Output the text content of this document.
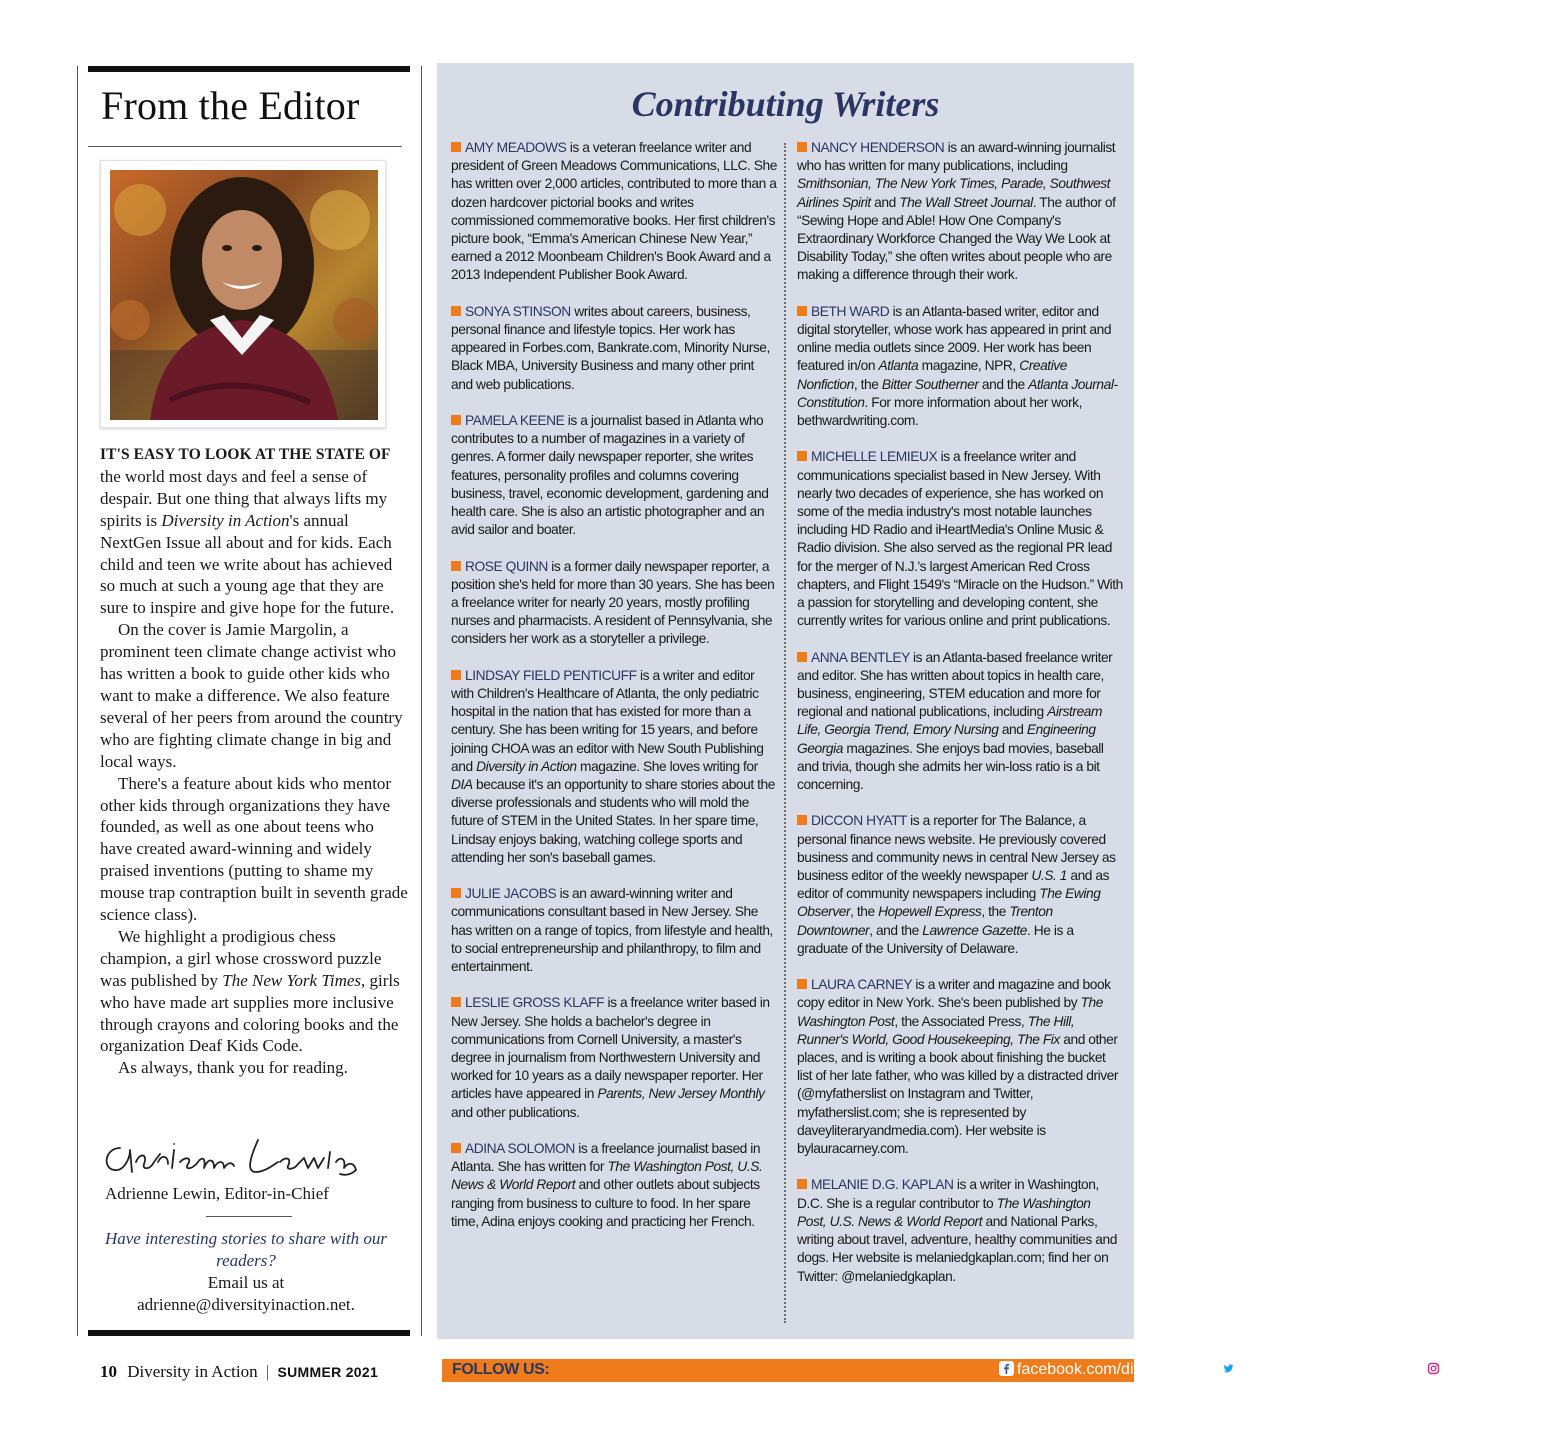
From the Editor

IT'S EASY TO LOOK AT THE STATE OF the world most days and feel a sense of despair. But one thing that always lifts my spirits is Diversity in Action's annual NextGen Issue all about and for kids. Each child and teen we write about has achieved so much at such a young age that they are sure to inspire and give hope for the future.

On the cover is Jamie Margolin, a prominent teen climate change activist who has written a book to guide other kids who want to make a difference. We also feature several of her peers from around the country who are fighting climate change in big and local ways.

There's a feature about kids who mentor other kids through organizations they have founded, as well as one about teens who have created award-winning and widely praised inventions (putting to shame my mouse trap contraption built in seventh grade science class).

We highlight a prodigious chess champion, a girl whose crossword puzzle was published by The New York Times, girls who have made art supplies more inclusive through crayons and coloring books and the organization Deaf Kids Code.

As always, thank you for reading.

Adrienne Lewin, Editor-in-Chief
Have interesting stories to share with our readers?
Email us at
adrienne@diversityinaction.net.
10 Diversity in Action | SUMMER 2021
Contributing Writers

AMY MEADOWS is a veteran freelance writer and president of Green Meadows Communications, LLC. She has written over 2,000 articles, contributed to more than a dozen hardcover pictorial books and writes commissioned commemorative books. Her first children's picture book, “Emma's American Chinese New Year,” earned a 2012 Moonbeam Children's Book Award and a 2013 Independent Publisher Book Award.

SONYA STINSON writes about careers, business, personal finance and lifestyle topics. Her work has appeared in Forbes.com, Bankrate.com, Minority Nurse, Black MBA, University Business and many other print and web publications.

PAMELA KEENE is a journalist based in Atlanta who contributes to a number of magazines in a variety of genres. A former daily newspaper reporter, she writes features, personality profiles and columns covering business, travel, economic development, gardening and health care. She is also an artistic photographer and an avid sailor and boater.

ROSE QUINN is a former daily newspaper reporter, a position she's held for more than 30 years. She has been a freelance writer for nearly 20 years, mostly profiling nurses and pharmacists. A resident of Pennsylvania, she considers her work as a storyteller a privilege.

LINDSAY FIELD PENTICUFF is a writer and editor with Children's Healthcare of Atlanta, the only pediatric hospital in the nation that has existed for more than a century. She has been writing for 15 years, and before joining CHOA was an editor with New South Publishing and Diversity in Action magazine. She loves writing for DIA because it's an opportunity to share stories about the diverse professionals and students who will mold the future of STEM in the United States. In her spare time, Lindsay enjoys baking, watching college sports and attending her son's baseball games.

JULIE JACOBS is an award-winning writer and communications consultant based in New Jersey. She has written on a range of topics, from lifestyle and health, to social entrepreneurship and philanthropy, to film and entertainment.

LESLIE GROSS KLAFF is a freelance writer based in New Jersey. She holds a bachelor's degree in communications from Cornell University, a master's degree in journalism from Northwestern University and worked for 10 years as a daily newspaper reporter. Her articles have appeared in Parents, New Jersey Monthly and other publications.

ADINA SOLOMON is a freelance journalist based in Atlanta. She has written for The Washington Post, U.S. News & World Report and other outlets about subjects ranging from business to culture to food. In her spare time, Adina enjoys cooking and practicing her French.

NANCY HENDERSON is an award-winning journalist who has written for many publications, including Smithsonian, The New York Times, Parade, Southwest Airlines Spirit and The Wall Street Journal. The author of “Sewing Hope and Able! How One Company's Extraordinary Workforce Changed the Way We Look at Disability Today,” she often writes about people who are making a difference through their work.

BETH WARD is an Atlanta-based writer, editor and digital storyteller, whose work has appeared in print and online media outlets since 2009. Her work has been featured in/on Atlanta magazine, NPR, Creative Nonfiction, the Bitter Southerner and the Atlanta Journal-Constitution. For more information about her work, bethwardwriting.com.

MICHELLE LEMIEUX is a freelance writer and communications specialist based in New Jersey. With nearly two decades of experience, she has worked on some of the media industry's most notable launches including HD Radio and iHeartMedia's Online Music & Radio division. She also served as the regional PR lead for the merger of N.J.'s largest American Red Cross chapters, and Flight 1549's “Miracle on the Hudson.” With a passion for storytelling and developing content, she currently writes for various online and print publications.

ANNA BENTLEY is an Atlanta-based freelance writer and editor. She has written about topics in health care, business, engineering, STEM education and more for regional and national publications, including Airstream Life, Georgia Trend, Emory Nursing and Engineering Georgia magazines. She enjoys bad movies, baseball and trivia, though she admits her win-loss ratio is a bit concerning.

DICCON HYATT is a reporter for The Balance, a personal finance news website. He previously covered business and community news in central New Jersey as business editor of the weekly newspaper U.S. 1 and as editor of community newspapers including The Ewing Observer, the Hopewell Express, the Trenton Downtowner, and the Lawrence Gazette. He is a graduate of the University of Delaware.

LAURA CARNEY is a writer and magazine and book copy editor in New York. She's been published by The Washington Post, the Associated Press, The Hill, Runner's World, Good Housekeeping, The Fix and other places, and is writing a book about finishing the bucket list of her late father, who was killed by a distracted driver (@myfatherslist on Instagram and Twitter, myfatherslist.com; she is represented by daveyliteraryandmedia.com). Her website is bylauracarney.com.

MELANIE D.G. KAPLAN is a writer in Washington, D.C. She is a regular contributor to The Washington Post, U.S. News & World Report and National Parks, writing about travel, adventure, healthy communities and dogs. Her website is melaniedgkaplan.com; find her on Twitter: @melaniedgkaplan.

FOLLOW US:	facebook.com/divinaction	twitter.com/divinaction	@div_in_action
